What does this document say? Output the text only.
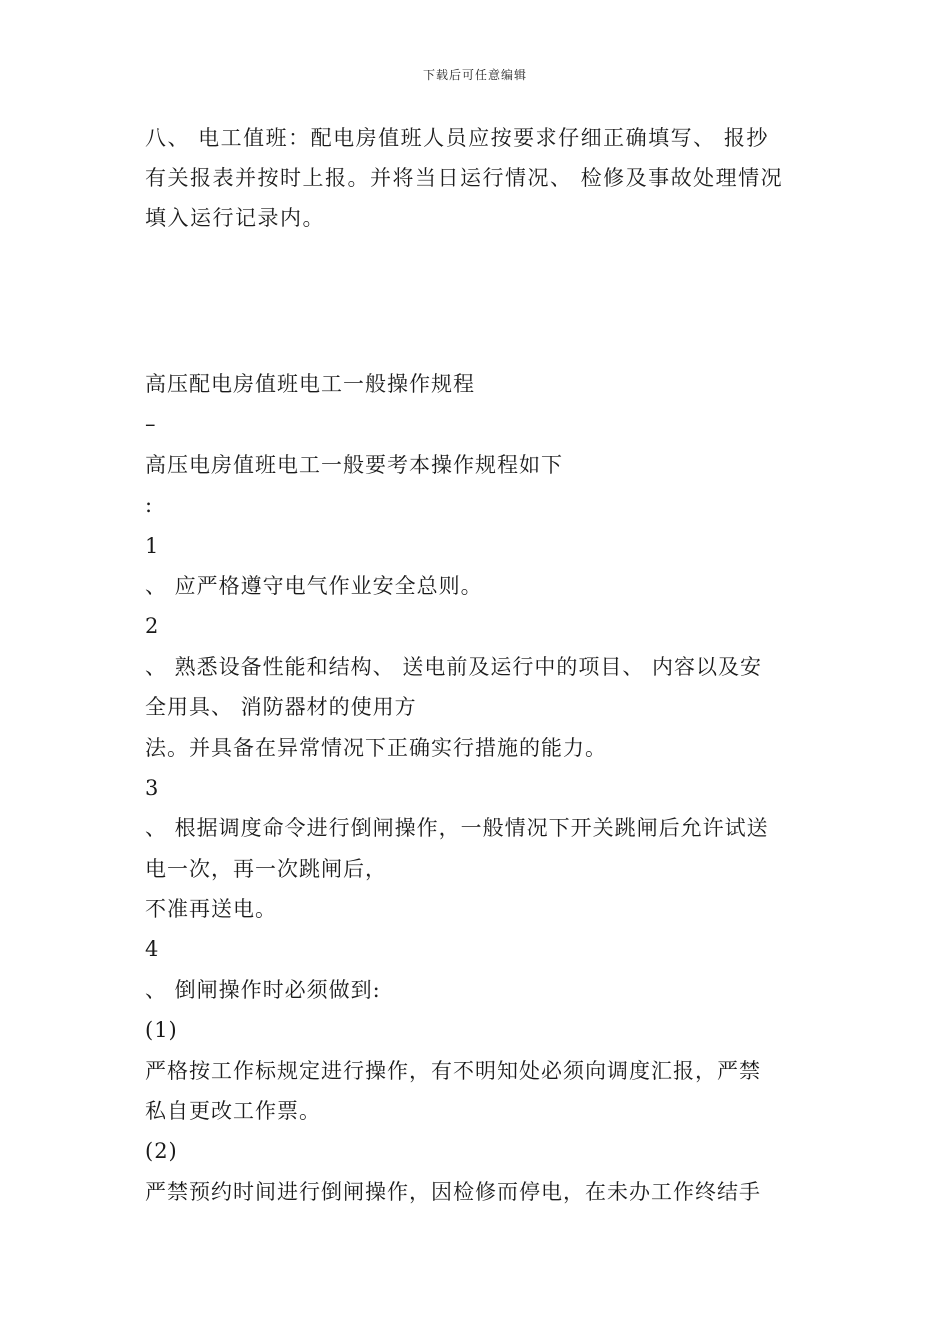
下载后可任意编辑
八、 电工值班：配电房值班人员应按要求仔细正确填写、 报抄
有关报表并按时上报。并将当日运行情况、 检修及事故处理情况
填入运行记录内。
高压配电房值班电工一般操作规程
–
高压电房值班电工一般要考本操作规程如下
:
1
、 应严格遵守电气作业安全总则。
2
、 熟悉设备性能和结构、 送电前及运行中的项目、 内容以及安
全用具、 消防器材的使用方
法。并具备在异常情况下正确实行措施的能力。
3
、 根据调度命令进行倒闸操作，一般情况下开关跳闸后允许试送
电一次，再一次跳闸后，
不准再送电。
4
、 倒闸操作时必须做到:
(1)
严格按工作标规定进行操作，有不明知处必须向调度汇报，严禁
私自更改工作票。
(2)
严禁预约时间进行倒闸操作，因检修而停电，在未办工作终结手
